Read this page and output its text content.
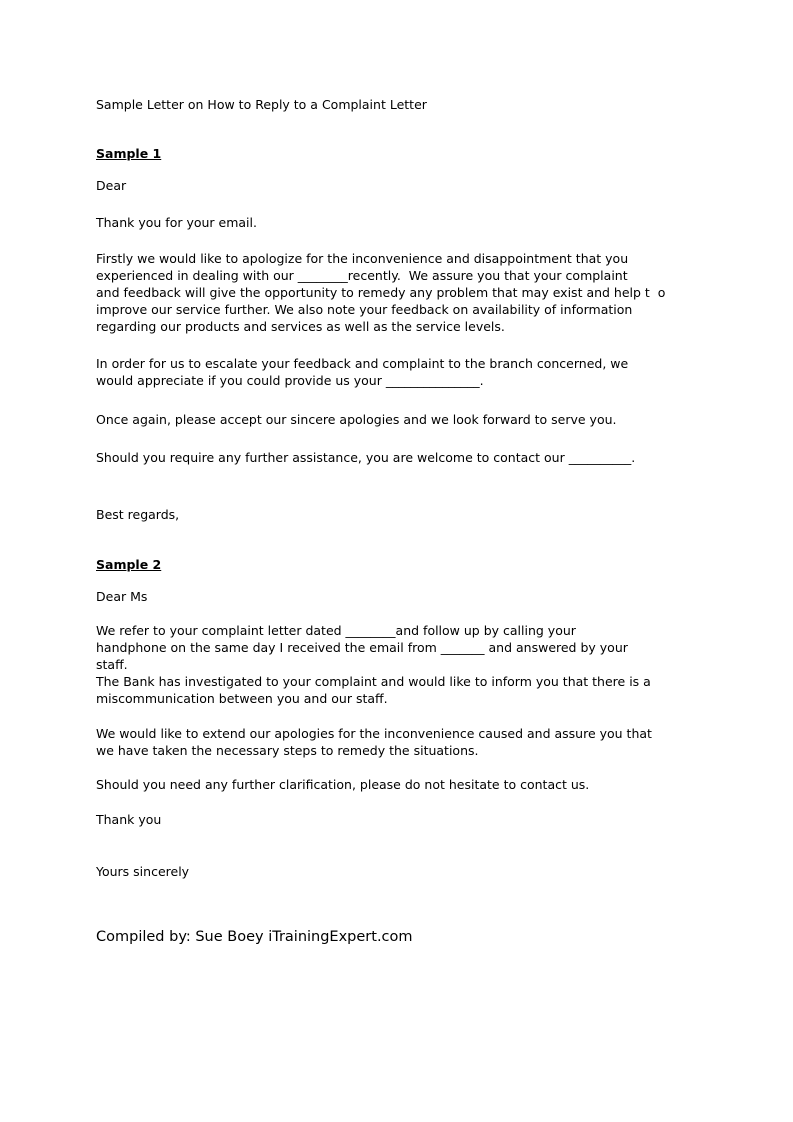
Sample Letter on How to Reply to a Complaint Letter
Sample 1
Dear
Thank you for your email.
Firstly we would like to apologize for the inconvenience and disappointment that you
experienced in dealing with our ________recently.  We assure you that your complaint
and feedback will give the opportunity to remedy any problem that may exist and help t  o
improve our service further. We also note your feedback on availability of information
regarding our products and services as well as the service levels.
In order for us to escalate your feedback and complaint to the branch concerned, we
would appreciate if you could provide us your _______________.
Once again, please accept our sincere apologies and we look forward to serve you.
Should you require any further assistance, you are welcome to contact our __________.
Best regards,
Sample 2
Dear Ms
We refer to your complaint letter dated ________and follow up by calling your
handphone on the same day I received the email from _______ and answered by your
staff.
The Bank has investigated to your complaint and would like to inform you that there is a
miscommunication between you and our staff.
We would like to extend our apologies for the inconvenience caused and assure you that
we have taken the necessary steps to remedy the situations.
Should you need any further clarification, please do not hesitate to contact us.
Thank you
Yours sincerely
Compiled by: Sue Boey iTrainingExpert.com
